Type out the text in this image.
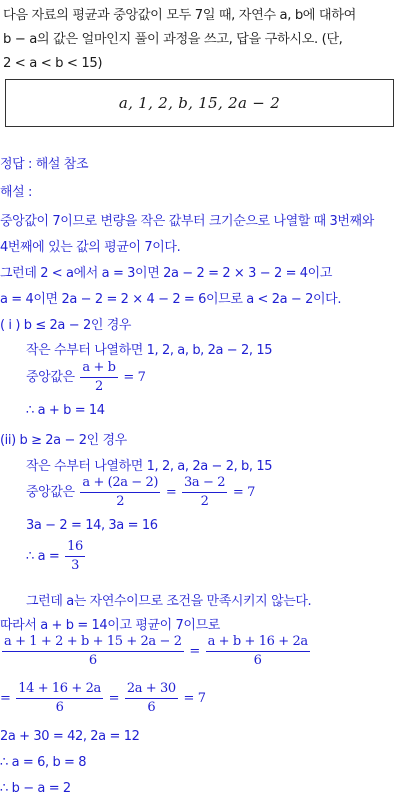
다음 자료의 평균과 중앙값이 모두 7일 때, 자연수 a, b에 대하여
b − a의 값은 얼마인지 풀이 과정을 쓰고, 답을 구하시오. (단,
2 < a < b < 15)
a, 1, 2, b, 15, 2a − 2
정답 : 해설 참조
해설 :
중앙값이 7이므로 변량을 작은 값부터 크기순으로 나열할 때 3번째와
4번째에 있는 값의 평균이 7이다.
그런데 2 < a에서 a = 3이면 2a − 2 = 2 × 3 − 2 = 4이고
a = 4이면 2a − 2 = 2 × 4 − 2 = 6이므로 a < 2a − 2이다.
( i ) b ≤ 2a − 2인 경우
작은 수부터 나열하면 1, 2, a, b, 2a − 2, 15
중앙값은 $\frac{a + b}{2} = 7$
∴ a + b = 14
(ii) b ≥ 2a − 2인 경우
작은 수부터 나열하면 1, 2, a, 2a − 2, b, 15
중앙값은 $\frac{a + (2a - 2)}{2} = \frac{3a - 2}{2} = 7$
3a − 2 = 14, 3a = 16
∴ $a = \frac{16}{3}$
그런데 a는 자연수이므로 조건을 만족시키지 않는다.
따라서 a + b = 14이고 평균이 7이므로
$\frac{a + 1 + 2 + b + 15 + 2a - 2}{6} = \frac{a + b + 16 + 2a}{6}$
= $\frac{14 + 16 + 2a}{6} = \frac{2a + 30}{6} = 7$
2a + 30 = 42, 2a = 12
∴ a = 6, b = 8
∴ b − a = 2
